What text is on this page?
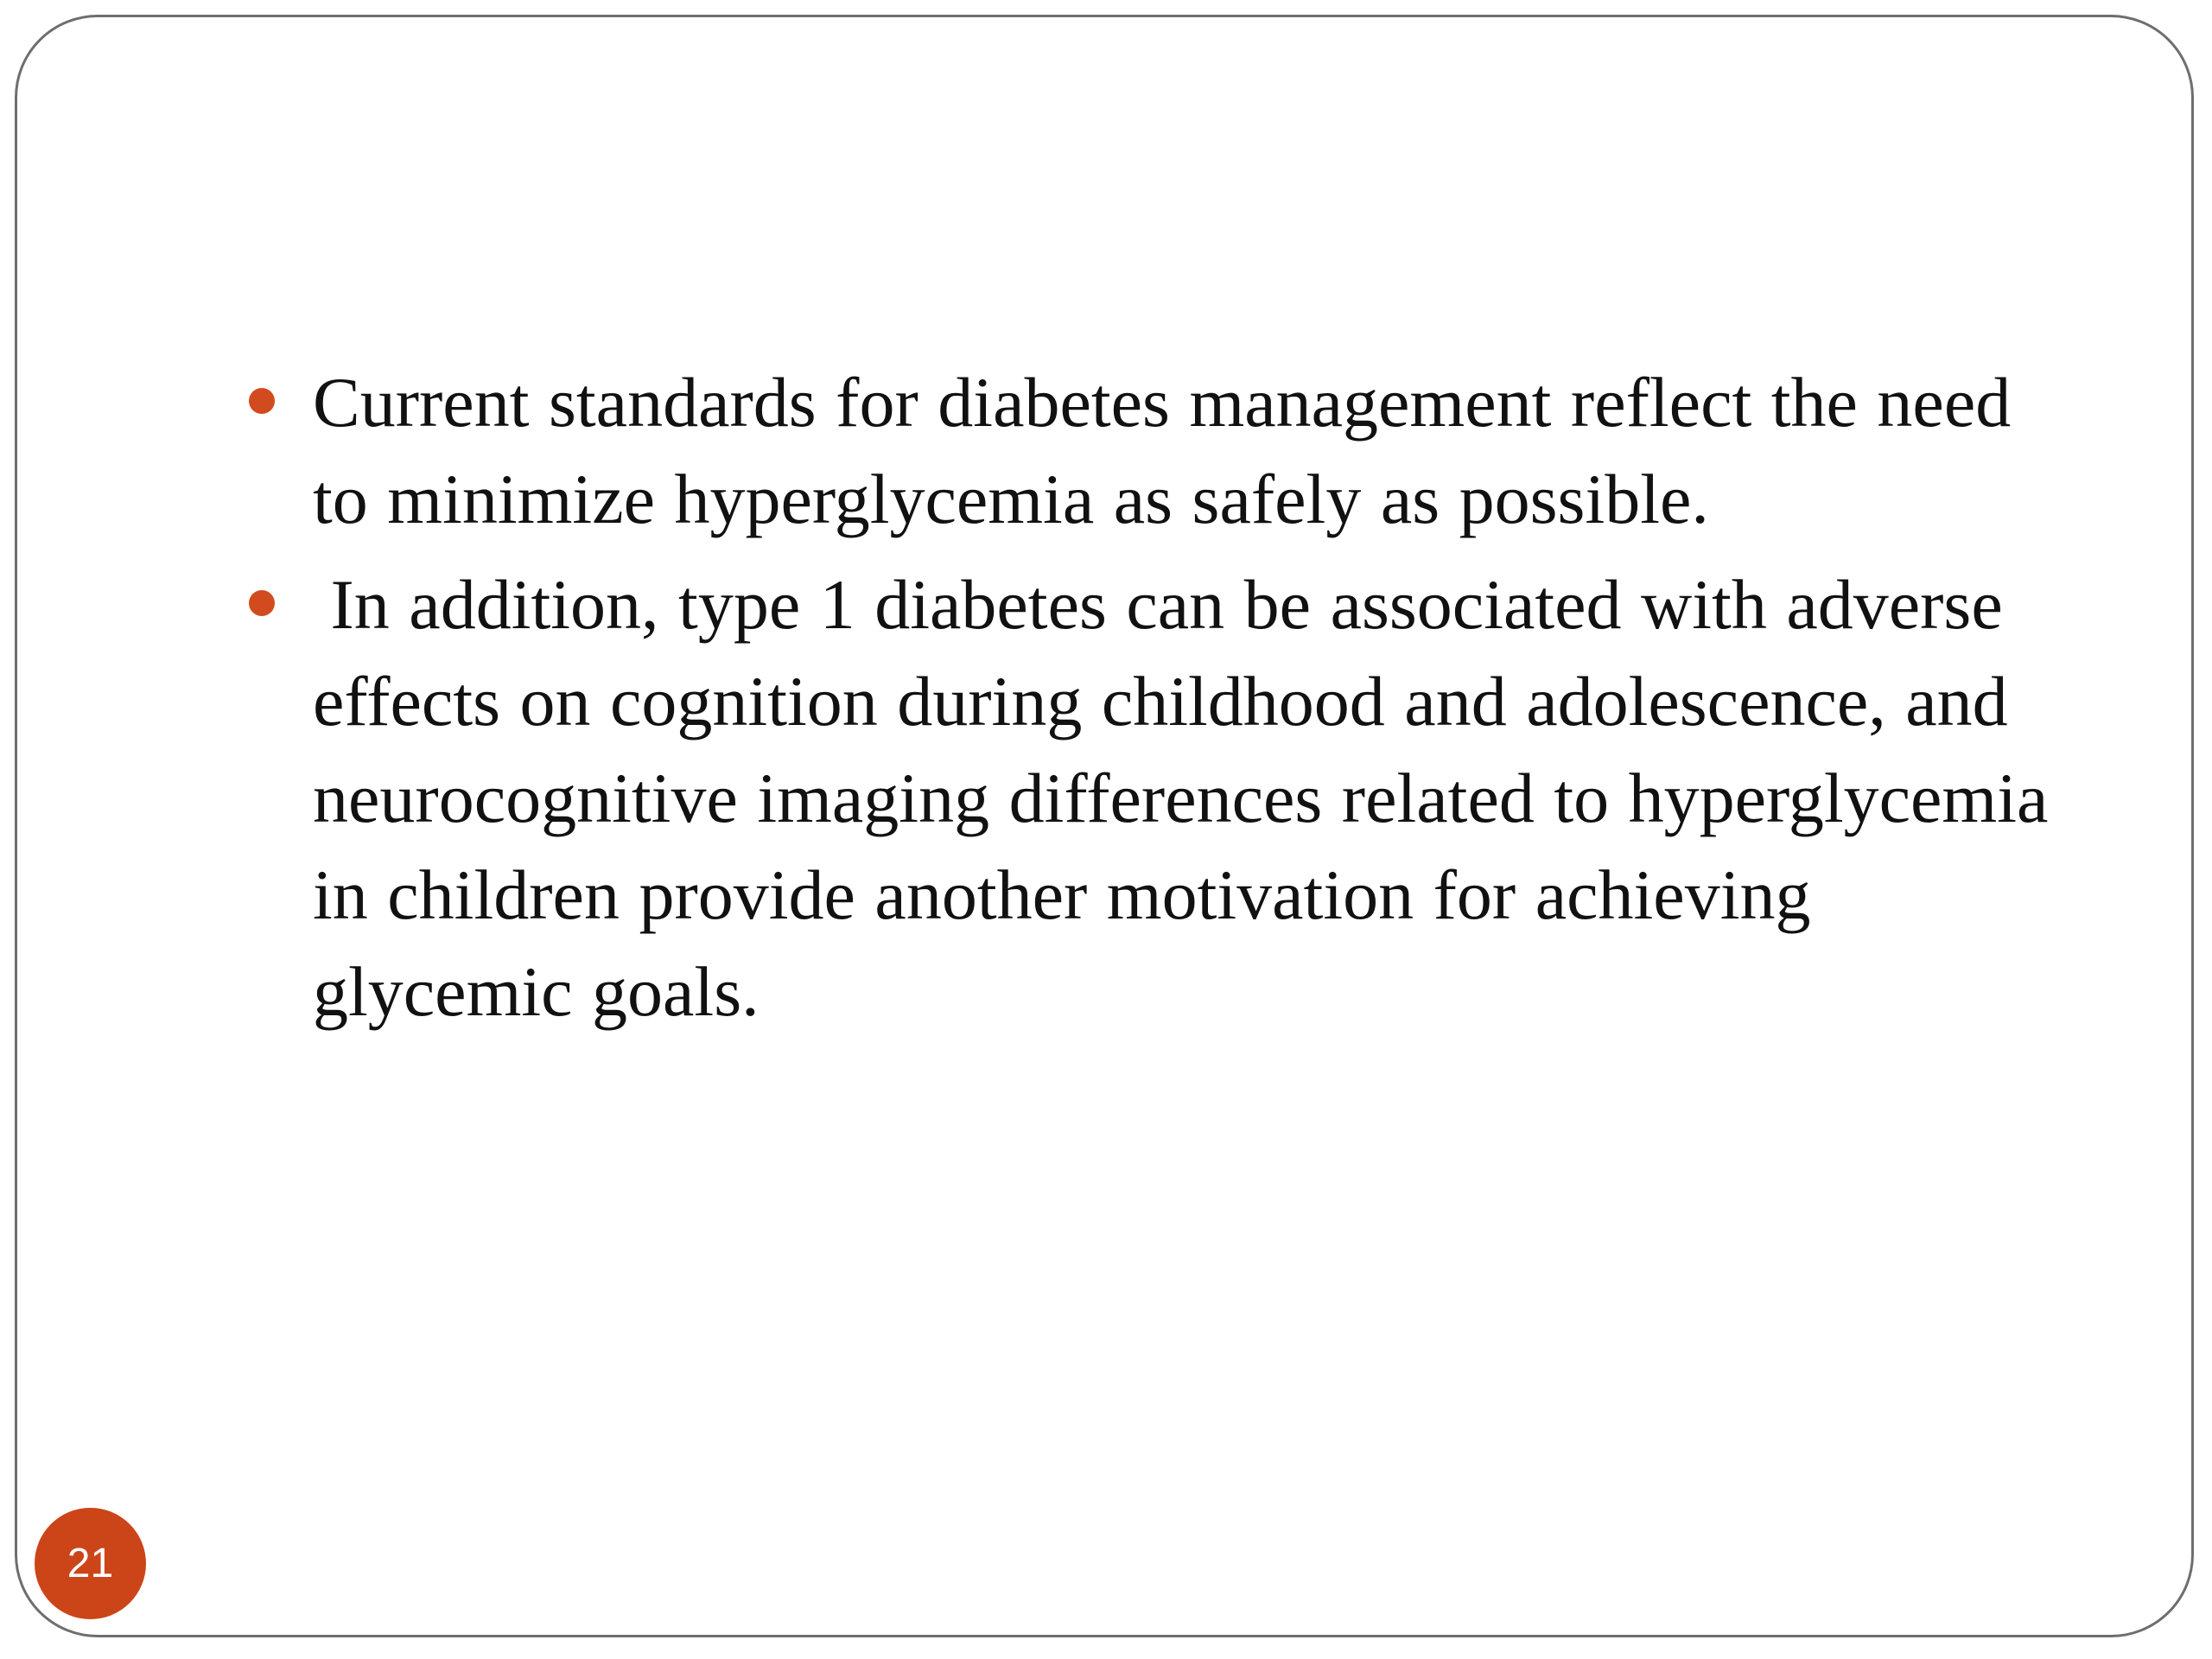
Current standards for diabetes management reflect the need to minimize hyperglycemia as safely as possible.
In addition, type 1 diabetes can be associated with adverse effects on cognition during childhood and adolescence, and neurocognitive imaging differences related to hyperglycemia in children provide another motivation for achieving glycemic goals.
21
